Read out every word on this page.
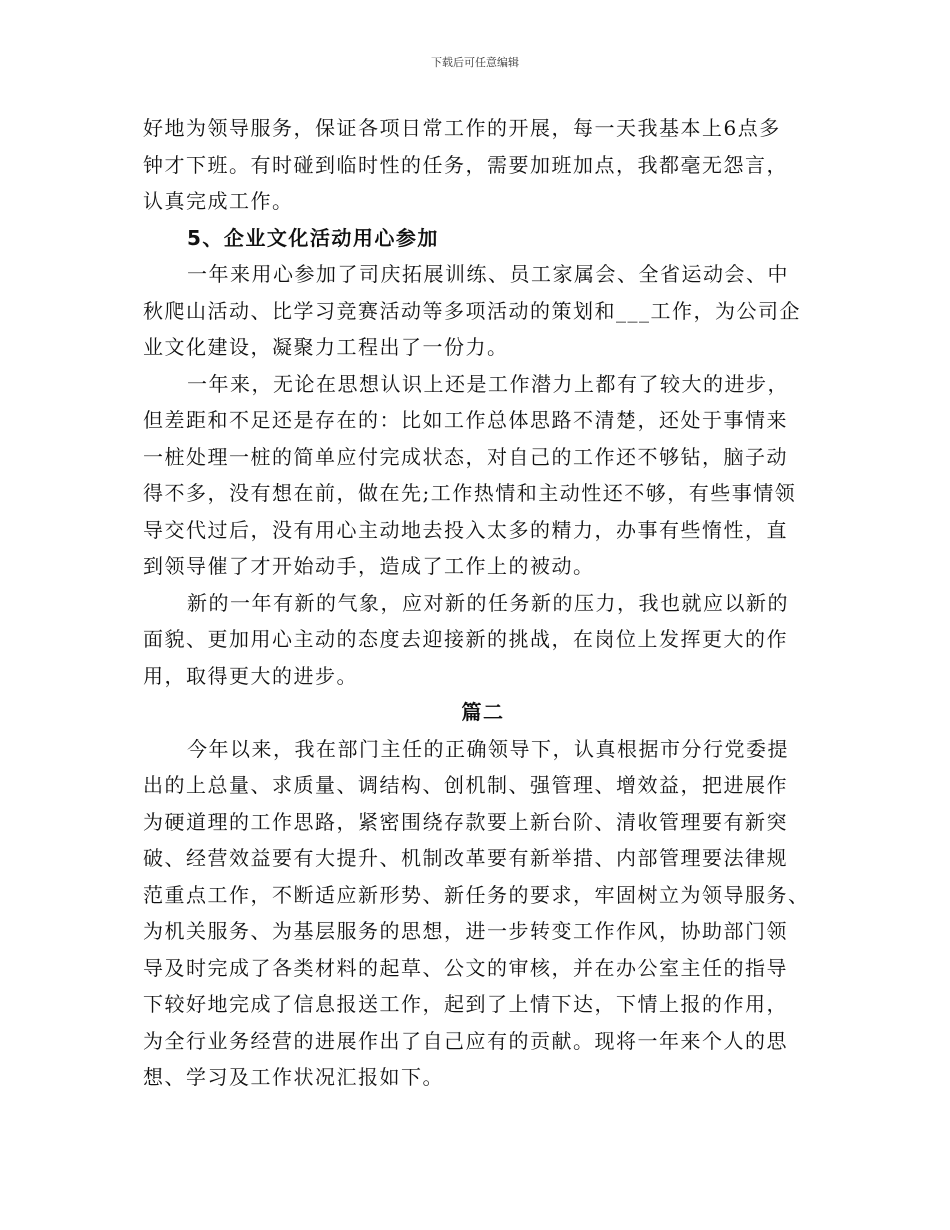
下载后可任意编辑
好地为领导服务，保证各项日常工作的开展，每一天我基本上6点多
钟才下班。有时碰到临时性的任务，需要加班加点，我都毫无怨言，
认真完成工作。
5、企业文化活动用心参加
一年来用心参加了司庆拓展训练、员工家属会、全省运动会、中
秋爬山活动、比学习竞赛活动等多项活动的策划和___工作，为公司企
业文化建设，凝聚力工程出了一份力。
一年来，无论在思想认识上还是工作潜力上都有了较大的进步，
但差距和不足还是存在的：比如工作总体思路不清楚，还处于事情来
一桩处理一桩的简单应付完成状态，对自己的工作还不够钻，脑子动
得不多，没有想在前，做在先;工作热情和主动性还不够，有些事情领
导交代过后，没有用心主动地去投入太多的精力，办事有些惰性，直
到领导催了才开始动手，造成了工作上的被动。
新的一年有新的气象，应对新的任务新的压力，我也就应以新的
面貌、更加用心主动的态度去迎接新的挑战，在岗位上发挥更大的作
用，取得更大的进步。
篇二
今年以来，我在部门主任的正确领导下，认真根据市分行党委提
出的上总量、求质量、调结构、创机制、强管理、增效益，把进展作
为硬道理的工作思路，紧密围绕存款要上新台阶、清收管理要有新突
破、经营效益要有大提升、机制改革要有新举措、内部管理要法律规
范重点工作，不断适应新形势、新任务的要求，牢固树立为领导服务、
为机关服务、为基层服务的思想，进一步转变工作作风，协助部门领
导及时完成了各类材料的起草、公文的审核，并在办公室主任的指导
下较好地完成了信息报送工作，起到了上情下达，下情上报的作用，
为全行业务经营的进展作出了自己应有的贡献。现将一年来个人的思
想、学习及工作状况汇报如下。
